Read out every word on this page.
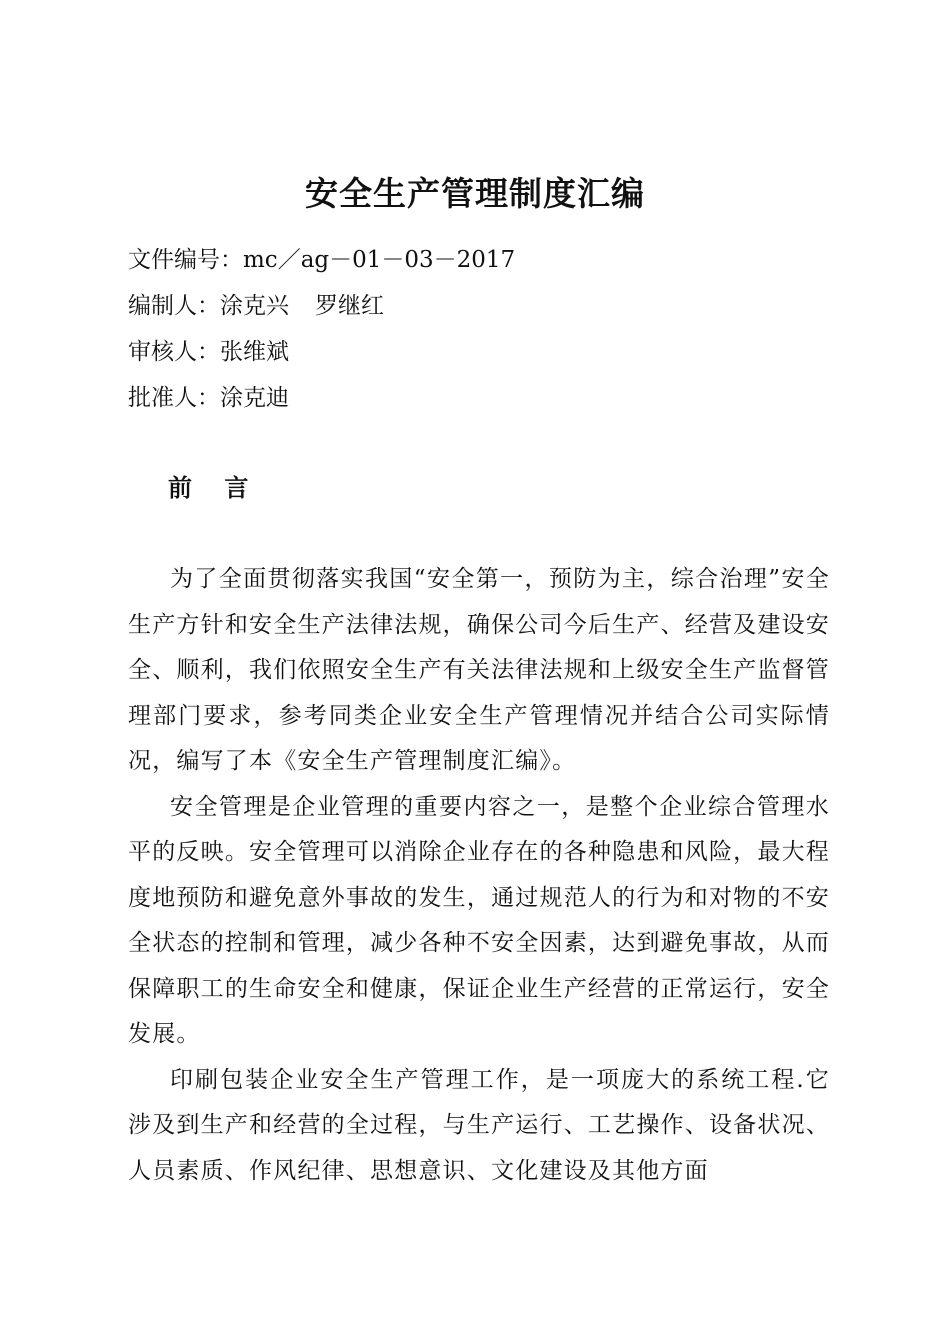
安全生产管理制度汇编
文件编号：mc／ag－01－03－2017
编制人：涂克兴 罗继红
审核人：张维斌
批准人：涂克迪
前 言

为了全面贯彻落实我国“安全第一，预防为主，综合治理”安全生产方针和安全生产法律法规，确保公司今后生产、经营及建设安全、顺利，我们依照安全生产有关法律法规和上级安全生产监督管理部门要求，参考同类企业安全生产管理情况并结合公司实际情况，编写了本《安全生产管理制度汇编》。

安全管理是企业管理的重要内容之一，是整个企业综合管理水平的反映。安全管理可以消除企业存在的各种隐患和风险，最大程度地预防和避免意外事故的发生，通过规范人的行为和对物的不安全状态的控制和管理，减少各种不安全因素，达到避免事故，从而保障职工的生命安全和健康，保证企业生产经营的正常运行，安全发展。

印刷包装企业安全生产管理工作，是一项庞大的系统工程.它涉及到生产和经营的全过程，与生产运行、工艺操作、设备状况、人员素质、作风纪律、思想意识、文化建设及其他方面
